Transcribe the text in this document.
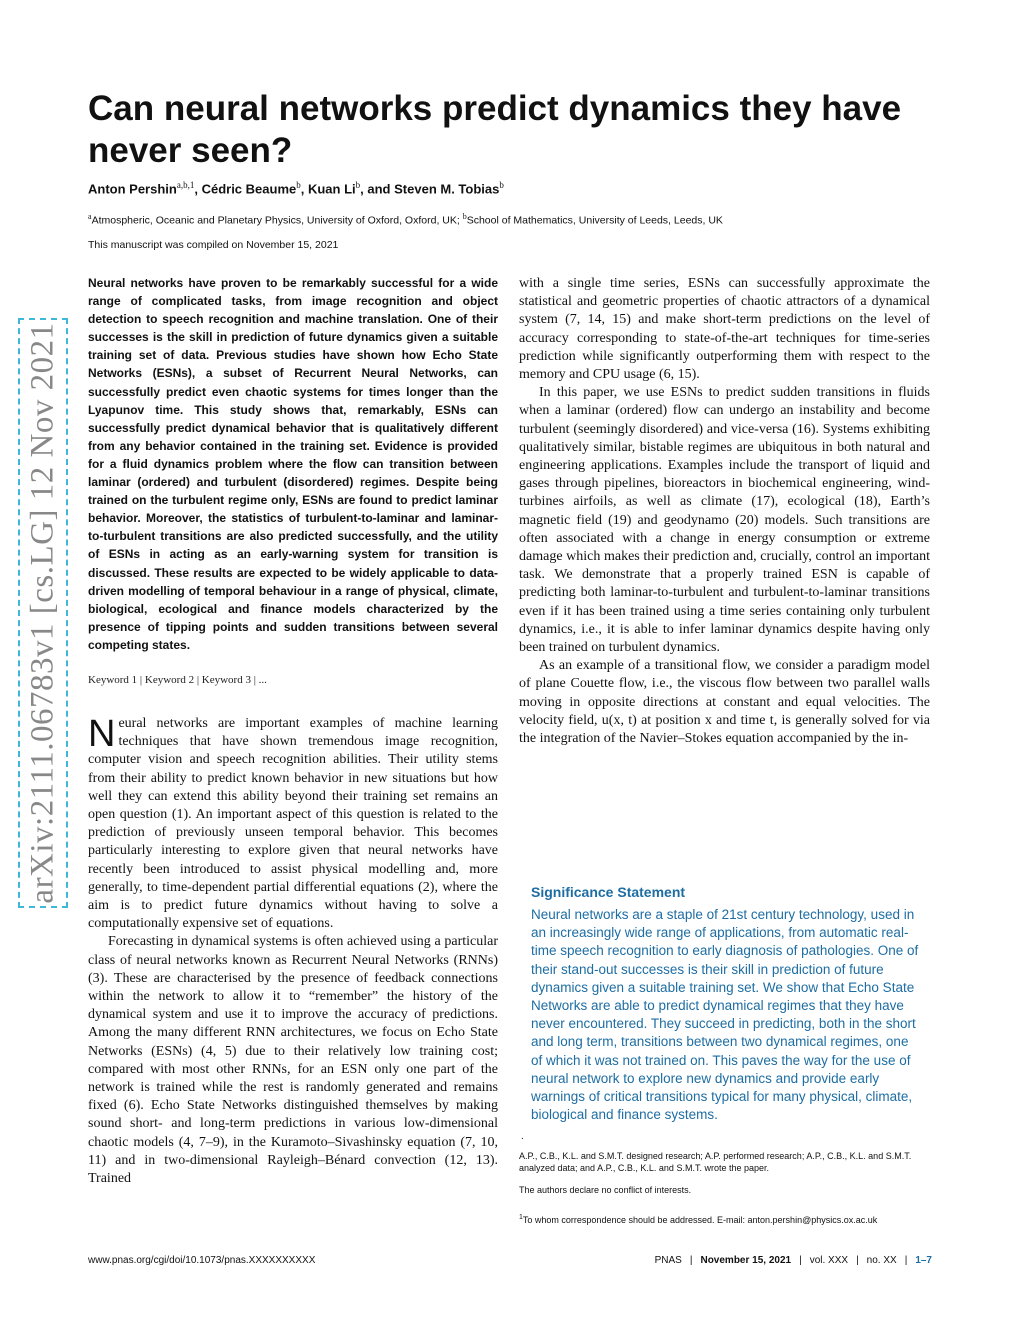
arXiv:2111.06783v1 [cs.LG] 12 Nov 2021
Can neural networks predict dynamics they have never seen?
Anton Pershin$^{a,b,1}$, Cédric Beaume$^b$, Kuan Li$^b$, and Steven M. Tobias$^b$
$^a$Atmospheric, Oceanic and Planetary Physics, University of Oxford, Oxford, UK; $^b$School of Mathematics, University of Leeds, Leeds, UK
This manuscript was compiled on November 15, 2021
Neural networks have proven to be remarkably successful for a wide range of complicated tasks, from image recognition and object detection to speech recognition and machine translation. One of their successes is the skill in prediction of future dynamics given a suitable training set of data. Previous studies have shown how Echo State Networks (ESNs), a subset of Recurrent Neural Networks, can successfully predict even chaotic systems for times longer than the Lyapunov time. This study shows that, remarkably, ESNs can successfully predict dynamical behavior that is qualitatively different from any behavior contained in the training set. Evidence is provided for a fluid dynamics problem where the flow can transition between laminar (ordered) and turbulent (disordered) regimes. Despite being trained on the turbulent regime only, ESNs are found to predict laminar behavior. Moreover, the statistics of turbulent-to-laminar and laminar-to-turbulent transitions are also predicted successfully, and the utility of ESNs in acting as an early-warning system for transition is discussed. These results are expected to be widely applicable to data-driven modelling of temporal behaviour in a range of physical, climate, biological, ecological and finance models characterized by the presence of tipping points and sudden transitions between several competing states.
Keyword 1 | Keyword 2 | Keyword 3 | ...

Neural networks are important examples of machine learning techniques that have shown tremendous image recognition, computer vision and speech recognition abilities. Their utility stems from their ability to predict known behavior in new situations but how well they can extend this ability beyond their training set remains an open question (1). An important aspect of this question is related to the prediction of previously unseen temporal behavior. This becomes particularly interesting to explore given that neural networks have recently been introduced to assist physical modelling and, more generally, to time-dependent partial differential equations (2), where the aim is to predict future dynamics without having to solve a computationally expensive set of equations.

Forecasting in dynamical systems is often achieved using a particular class of neural networks known as Recurrent Neural Networks (RNNs) (3). These are characterised by the presence of feedback connections within the network to allow it to “remember” the history of the dynamical system and use it to improve the accuracy of predictions. Among the many different RNN architectures, we focus on Echo State Networks (ESNs) (4, 5) due to their relatively low training cost; compared with most other RNNs, for an ESN only one part of the network is trained while the rest is randomly generated and remains fixed (6). Echo State Networks distinguished themselves by making sound short- and long-term predictions in various low-dimensional chaotic models (4, 7–9), in the Kuramoto–Sivashinsky equation (7, 10, 11) and in two-dimensional Rayleigh–Bénard convection (12, 13). Trained

with a single time series, ESNs can successfully approximate the statistical and geometric properties of chaotic attractors of a dynamical system (7, 14, 15) and make short-term predictions on the level of accuracy corresponding to state-of-the-art techniques for time-series prediction while significantly outperforming them with respect to the memory and CPU usage (6, 15).

In this paper, we use ESNs to predict sudden transitions in fluids when a laminar (ordered) flow can undergo an instability and become turbulent (seemingly disordered) and vice-versa (16). Systems exhibiting qualitatively similar, bistable regimes are ubiquitous in both natural and engineering applications. Examples include the transport of liquid and gases through pipelines, bioreactors in biochemical engineering, wind-turbines airfoils, as well as climate (17), ecological (18), Earth’s magnetic field (19) and geodynamo (20) models. Such transitions are often associated with a change in energy consumption or extreme damage which makes their prediction and, crucially, control an important task. We demonstrate that a properly trained ESN is capable of predicting both laminar-to-turbulent and turbulent-to-laminar transitions even if it has been trained using a time series containing only turbulent dynamics, i.e., it is able to infer laminar dynamics despite having only been trained on turbulent dynamics.

As an example of a transitional flow, we consider a paradigm model of plane Couette flow, i.e., the viscous flow between two parallel walls moving in opposite directions at constant and equal velocities. The velocity field, u(x, t) at position x and time t, is generally solved for via the integration of the Navier–Stokes equation accompanied by the in-

Significance Statement
Neural networks are a staple of 21st century technology, used in an increasingly wide range of applications, from automatic real-time speech recognition to early diagnosis of pathologies. One of their stand-out successes is their skill in prediction of future dynamics given a suitable training set. We show that Echo State Networks are able to predict dynamical regimes that they have never encountered. They succeed in predicting, both in the short and long term, transitions between two dynamical regimes, one of which it was not trained on. This paves the way for the use of neural network to explore new dynamics and provide early warnings of critical transitions typical for many physical, climate, biological and finance systems.
.
A.P., C.B., K.L. and S.M.T. designed research; A.P. performed research; A.P., C.B., K.L. and S.M.T. analyzed data; and A.P., C.B., K.L. and S.M.T. wrote the paper.
The authors declare no conflict of interests.
$^1$To whom correspondence should be addressed. E-mail: anton.pershin@physics.ox.ac.uk
www.pnas.org/cgi/doi/10.1073/pnas.XXXXXXXXXX	PNAS | November 15, 2021 | vol. XXX | no. XX | 1–7
